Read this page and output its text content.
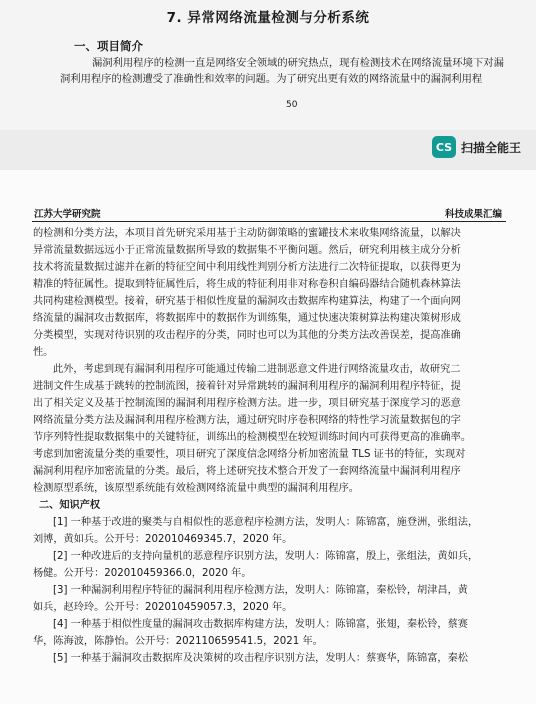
7. 异常网络流量检测与分析系统
一、项目简介
漏洞利用程序的检测一直是网络安全领域的研究热点，现有检测技术在网络流量环境下对漏
洞利用程序的检测遭受了准确性和效率的问题。为了研究出更有效的网络流量中的漏洞利用程
50
CS 扫描全能王
江苏大学研究院	科技成果汇编
的检测和分类方法，本项目首先研究采用基于主动防御策略的蜜罐技术来收集网络流量，以解决
异常流量数据远远小于正常流量数据所导致的数据集不平衡问题。然后，研究利用核主成分分析
技术将流量数据过滤并在新的特征空间中利用线性判别分析方法进行二次特征提取，以获得更为
精准的特征属性。提取到特征属性后，将生成的特征利用非对称卷积自编码器结合随机森林算法
共同构建检测模型。接着，研究基于相似性度量的漏洞攻击数据库构建算法，构建了一个面向网
络流量的漏洞攻击数据库，将数据库中的数据作为训练集，通过快速决策树算法构建决策树形成
分类模型，实现对待识别的攻击程序的分类，同时也可以为其他的分类方法改善误差，提高准确
性。
此外，考虑到现有漏洞利用程序可能通过传输二进制恶意文件进行网络流量攻击，故研究二
进制文件生成基于跳转的控制流图，接着针对异常跳转的漏洞利用程序的漏洞利用程序特征，提
出了相关定义及基于控制流图的漏洞利用程序检测方法。进一步，项目研究基于深度学习的恶意
网络流量分类方法及漏洞利用程序检测方法，通过研究时序卷积网络的特性学习流量数据包的字
节序列特性提取数据集中的关键特征，训练出的检测模型在较短训练时间内可获得更高的准确率。
考虑到加密流量分类的重要性，项目研究了深度信念网络分析加密流量 TLS 证书的特征，实现对
漏洞利用程序加密流量的分类。最后，将上述研究技术整合开发了一套网络流量中漏洞利用程序
检测原型系统，该原型系统能有效检测网络流量中典型的漏洞利用程序。
二、知识产权
[1] 一种基于改进的聚类与自相似性的恶意程序检测方法，发明人：陈锦富，施登洲，张组法，
刘博，黄如兵。公开号：202010469345.7，2020 年。
[2] 一种改进后的支持向量机的恶意程序识别方法，发明人：陈锦富，殷上，张组法，黄如兵，
杨健。公开号：202010459366.0，2020 年。
[3] 一种漏洞利用程序特征的漏洞利用程序检测方法，发明人：陈锦富，秦松铃，胡津昌，黄
如兵，赵玲玲。公开号：202010459057.3，2020 年。
[4] 一种基于相似性度量的漏洞攻击数据库构建方法，发明人：陈锦富，张翅，秦松铃，蔡赛
华，陈海波，陈静怡。公开号：202110659541.5，2021 年。
[5] 一种基于漏洞攻击数据库及决策树的攻击程序识别方法，发明人：蔡赛华，陈锦富，秦松
